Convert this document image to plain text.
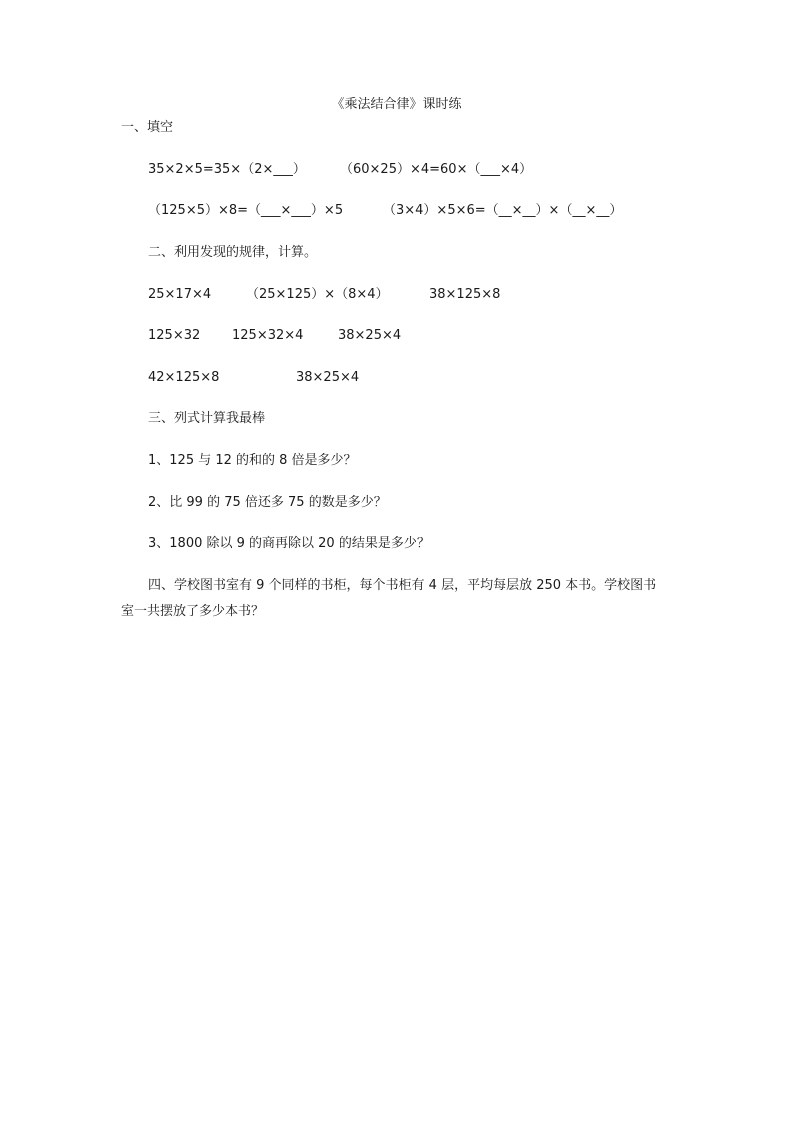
《乘法结合律》课时练
一、填空
35×2×5=35×（2×___）	（60×25）×4=60×（___×4）
（125×5）×8=（___×___）×5	（3×4）×5×6=（__×__）×（__×__）
二、利用发现的规律，计算。
25×17×4	（25×125）×（8×4）	38×125×8
125×32 125×32×4	38×25×4
42×125×8	38×25×4
三、列式计算我最棒
1、125 与 12 的和的 8 倍是多少？
2、比 99 的 75 倍还多 75 的数是多少？
3、1800 除以 9 的商再除以 20 的结果是多少？
四、学校图书室有 9 个同样的书柜，每个书柜有 4 层，平均每层放 250 本书。学校图书
室一共摆放了多少本书？
